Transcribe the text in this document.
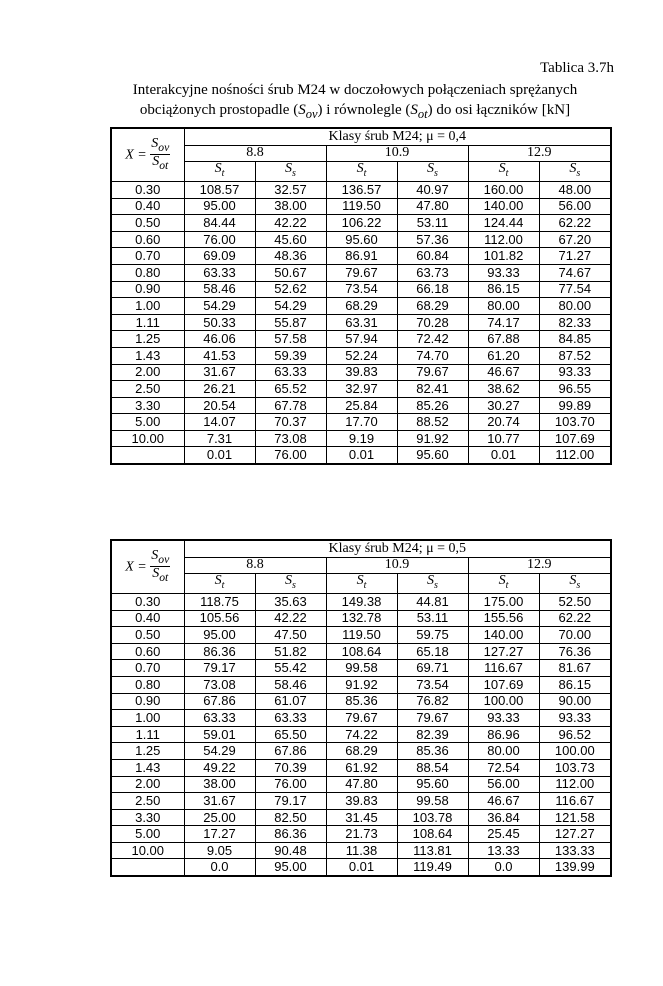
Tablica 3.7h
Interakcyjne nośności śrub M24 w doczołowych połączeniach sprężanych
obciążonych prostopadle $(S_{ov})$ i równolegle $(S_{ot})$ do osi łączników [kN]
$X = \frac{S_{ov}}{S_{ot}}$	Klasy śrub M24; μ = 0,4					
	8.8		10.9		12.9	
	$S_t$	$S_s$	$S_t$	$S_s$	$S_t$	$S_s$
0.30	108.57	32.57	136.57	40.97	160.00	48.00
0.40	95.00	38.00	119.50	47.80	140.00	56.00
0.50	84.44	42.22	106.22	53.11	124.44	62.22
0.60	76.00	45.60	95.60	57.36	112.00	67.20
0.70	69.09	48.36	86.91	60.84	101.82	71.27
0.80	63.33	50.67	79.67	63.73	93.33	74.67
0.90	58.46	52.62	73.54	66.18	86.15	77.54
1.00	54.29	54.29	68.29	68.29	80.00	80.00
1.11	50.33	55.87	63.31	70.28	74.17	82.33
1.25	46.06	57.58	57.94	72.42	67.88	84.85
1.43	41.53	59.39	52.24	74.70	61.20	87.52
2.00	31.67	63.33	39.83	79.67	46.67	93.33
2.50	26.21	65.52	32.97	82.41	38.62	96.55
3.30	20.54	67.78	25.84	85.26	30.27	99.89
5.00	14.07	70.37	17.70	88.52	20.74	103.70
10.00	7.31	73.08	9.19	91.92	10.77	107.69
	0.01	76.00	0.01	95.60	0.01	112.00
$X = \frac{S_{ov}}{S_{ot}}$	Klasy śrub M24; μ = 0,5					
	8.8		10.9		12.9	
	$S_t$	$S_s$	$S_t$	$S_s$	$S_t$	$S_s$
0.30	118.75	35.63	149.38	44.81	175.00	52.50
0.40	105.56	42.22	132.78	53.11	155.56	62.22
0.50	95.00	47.50	119.50	59.75	140.00	70.00
0.60	86.36	51.82	108.64	65.18	127.27	76.36
0.70	79.17	55.42	99.58	69.71	116.67	81.67
0.80	73.08	58.46	91.92	73.54	107.69	86.15
0.90	67.86	61.07	85.36	76.82	100.00	90.00
1.00	63.33	63.33	79.67	79.67	93.33	93.33
1.11	59.01	65.50	74.22	82.39	86.96	96.52
1.25	54.29	67.86	68.29	85.36	80.00	100.00
1.43	49.22	70.39	61.92	88.54	72.54	103.73
2.00	38.00	76.00	47.80	95.60	56.00	112.00
2.50	31.67	79.17	39.83	99.58	46.67	116.67
3.30	25.00	82.50	31.45	103.78	36.84	121.58
5.00	17.27	86.36	21.73	108.64	25.45	127.27
10.00	9.05	90.48	11.38	113.81	13.33	133.33
	0.0	95.00	0.01	119.49	0.0	139.99
